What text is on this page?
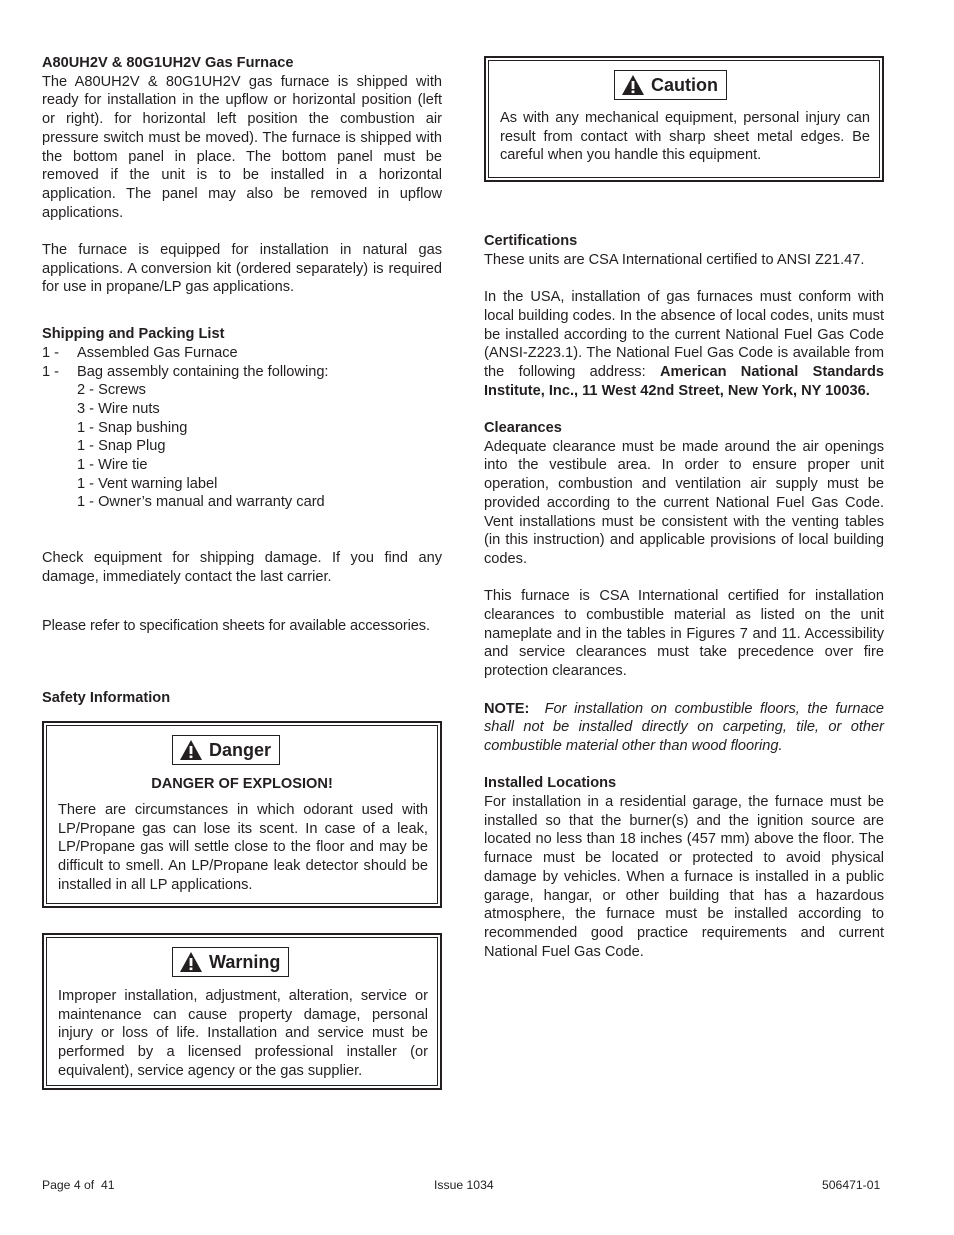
A80UH2V & 80G1UH2V Gas Furnace

The A80UH2V & 80G1UH2V gas furnace is shipped with ready for installation in the upflow or horizontal position (left or right). for horizontal left position the combustion air pressure switch must be moved). The furnace is shipped with the bottom panel in place. The bottom panel must be removed if the unit is to be installed in a horizontal application. The panel may also be removed in upflow applications.

The furnace is equipped for installation in natural gas applications. A conversion kit (ordered separately) is required for use in propane/LP gas applications.

Shipping and Packing List

1 - Assembled Gas Furnace
1 - Bag assembly containing the following:
2 - Screws
3 - Wire nuts
1 - Snap bushing
1 - Snap Plug
1 - Wire tie
1 - Vent warning label
1 - Owner’s manual and warranty card

Check equipment for shipping damage. If you find any damage, immediately contact the last carrier.

Please refer to specification sheets for available accessories.

Safety Information

Danger
DANGER OF EXPLOSION!

There are circumstances in which odorant used with LP/Propane gas can lose its scent. In case of a leak, LP/Propane gas will settle close to the floor and may be difficult to smell. An LP/Propane leak detector should be installed in all LP applications.

Warning

Improper installation, adjustment, alteration, service or maintenance can cause property damage, personal injury or loss of life. Installation and service must be performed by a licensed professional installer (or equivalent), service agency or the gas supplier.

Caution

As with any mechanical equipment, personal injury can result from contact with sharp sheet metal edges. Be careful when you handle this equipment.

Certifications

These units are CSA International certified to ANSI Z21.47.

In the USA, installation of gas furnaces must conform with local building codes. In the absence of local codes, units must be installed according to the current National Fuel Gas Code (ANSI-Z223.1). The National Fuel Gas Code is available from the following address: American National Standards Institute, Inc., 11 West 42nd Street, New York, NY 10036.

Clearances

Adequate clearance must be made around the air openings into the vestibule area. In order to ensure proper unit operation, combustion and ventilation air supply must be provided according to the current National Fuel Gas Code. Vent installations must be consistent with the venting tables (in this instruction) and applicable provisions of local building codes.

This furnace is CSA International certified for installation clearances to combustible material as listed on the unit nameplate and in the tables in Figures 7 and 11. Accessibility and service clearances must take precedence over fire protection clearances.

NOTE: For installation on combustible floors, the furnace shall not be installed directly on carpeting, tile, or other combustible material other than wood flooring.

Installed Locations

For installation in a residential garage, the furnace must be installed so that the burner(s) and the ignition source are located no less than 18 inches (457 mm) above the floor. The furnace must be located or protected to avoid physical damage by vehicles. When a furnace is installed in a public garage, hangar, or other building that has a hazardous atmosphere, the furnace must be installed according to recommended good practice requirements and current National Fuel Gas Code.

Page 4 of  41	Issue 1034	506471-01
